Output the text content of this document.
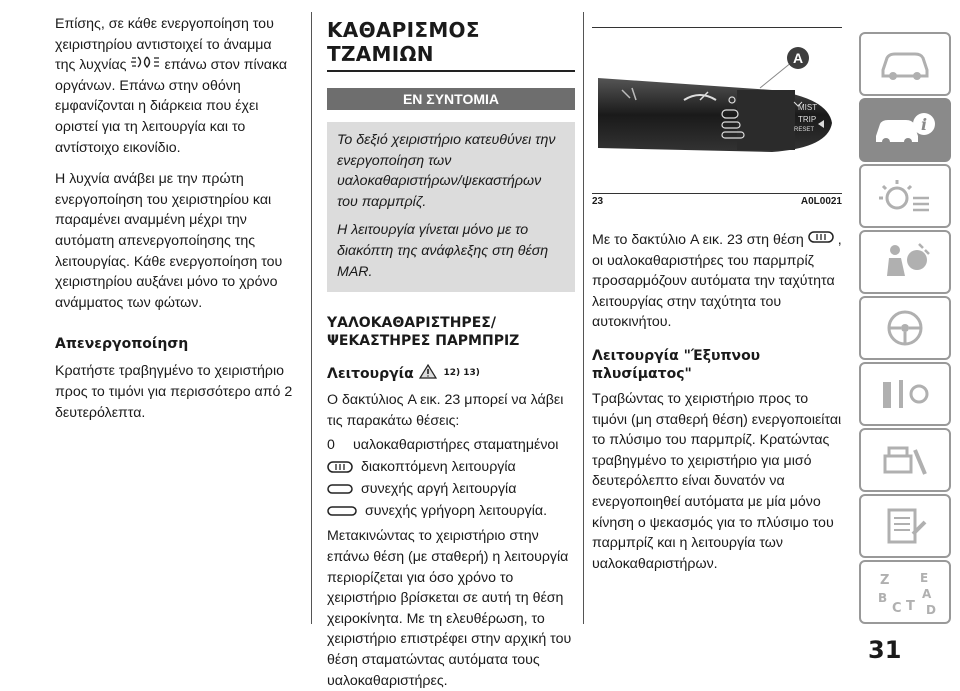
Επίσης, σε κάθε ενεργοποίηση του χειριστηρίου αντιστοιχεί το άναμμα της λυχνίας	επάνω στον πίνακα οργάνων. Επάνω στην οθόνη εμφανίζονται η διάρκεια που έχει οριστεί για τη λειτουργία και το αντίστοιχο εικονίδιο.

Η λυχνία ανάβει με την πρώτη ενεργοποίηση του χειριστηρίου και παραμένει αναμμένη μέχρι την αυτόματη απενεργοποίησης της λειτουργίας. Κάθε ενεργοποίηση του χειριστηρίου αυξάνει μόνο το χρόνο ανάμματος των φώτων.

Απενεργοποίηση

Κρατήστε τραβηγμένο το χειριστήριο προς το τιμόνι για περισσότερο από 2 δευτερόλεπτα.

ΚΑΘΑΡΙΣΜΟΣ ΤΖΑΜΙΩΝ
ΕΝ ΣΥΝΤΟΜΙΑ

Το δεξιό χειριστήριο κατευθύνει την ενεργοποίηση των υαλοκαθαριστήρων/ψεκαστήρων του παρμπρίζ.

Η λειτουργία γίνεται μόνο με το διακόπτη της ανάφλεξης στη θέση MAR.

ΥΑΛΟΚΑΘΑΡΙΣΤΗΡΕΣ/ ΨΕΚΑΣΤΗΡΕΣ ΠΑΡΜΠΡΙΖ

Λειτουργία	$^{12) 13)}$

Ο δακτύλιος A εικ. 23 μπορεί να λάβει τις παρακάτω θέσεις:

0	υαλοκαθαριστήρες σταματημένοι
διακοπτόμενη λειτουργία
συνεχής αργή λειτουργία
συνεχής γρήγορη λειτουργία.

Μετακινώντας το χειριστήριο στην επάνω θέση (με σταθερή) η λειτουργία περιορίζεται για όσο χρόνο το χειριστήριο βρίσκεται σε αυτή τη θέση χειροκίνητα. Με τη ελευθέρωση, το χειριστήριο επιστρέφει στην αρχική του θέση σταματώντας αυτόματα τους υαλοκαθαριστήρες.

MIST
TRIP
RESET
A
23	A0L0021

Με το δακτύλιο A εικ. 23 στη θέση , οι υαλοκαθαριστήρες του παρμπρίζ προσαρμόζουν αυτόματα την ταχύτητα λειτουργίας στην ταχύτητα του αυτοκινήτου.

Λειτουργία "Έξυπνου πλυσίματος"

Τραβώντας το χειριστήριο προς το τιμόνι (μη σταθερή θέση) ενεργοποιείται το πλύσιμο του παρμπρίζ. Κρατώντας τραβηγμένο το χειριστήριο για μισό δευτερόλεπτο είναι δυνατόν να ενεργοποιηθεί αυτόματα με μία μόνο κίνηση ο ψεκασμός για το πλύσιμο του παρμπρίζ και η λειτουργία των υαλοκαθαριστήρων.

i
Z	E
B
C T
A
D
31
